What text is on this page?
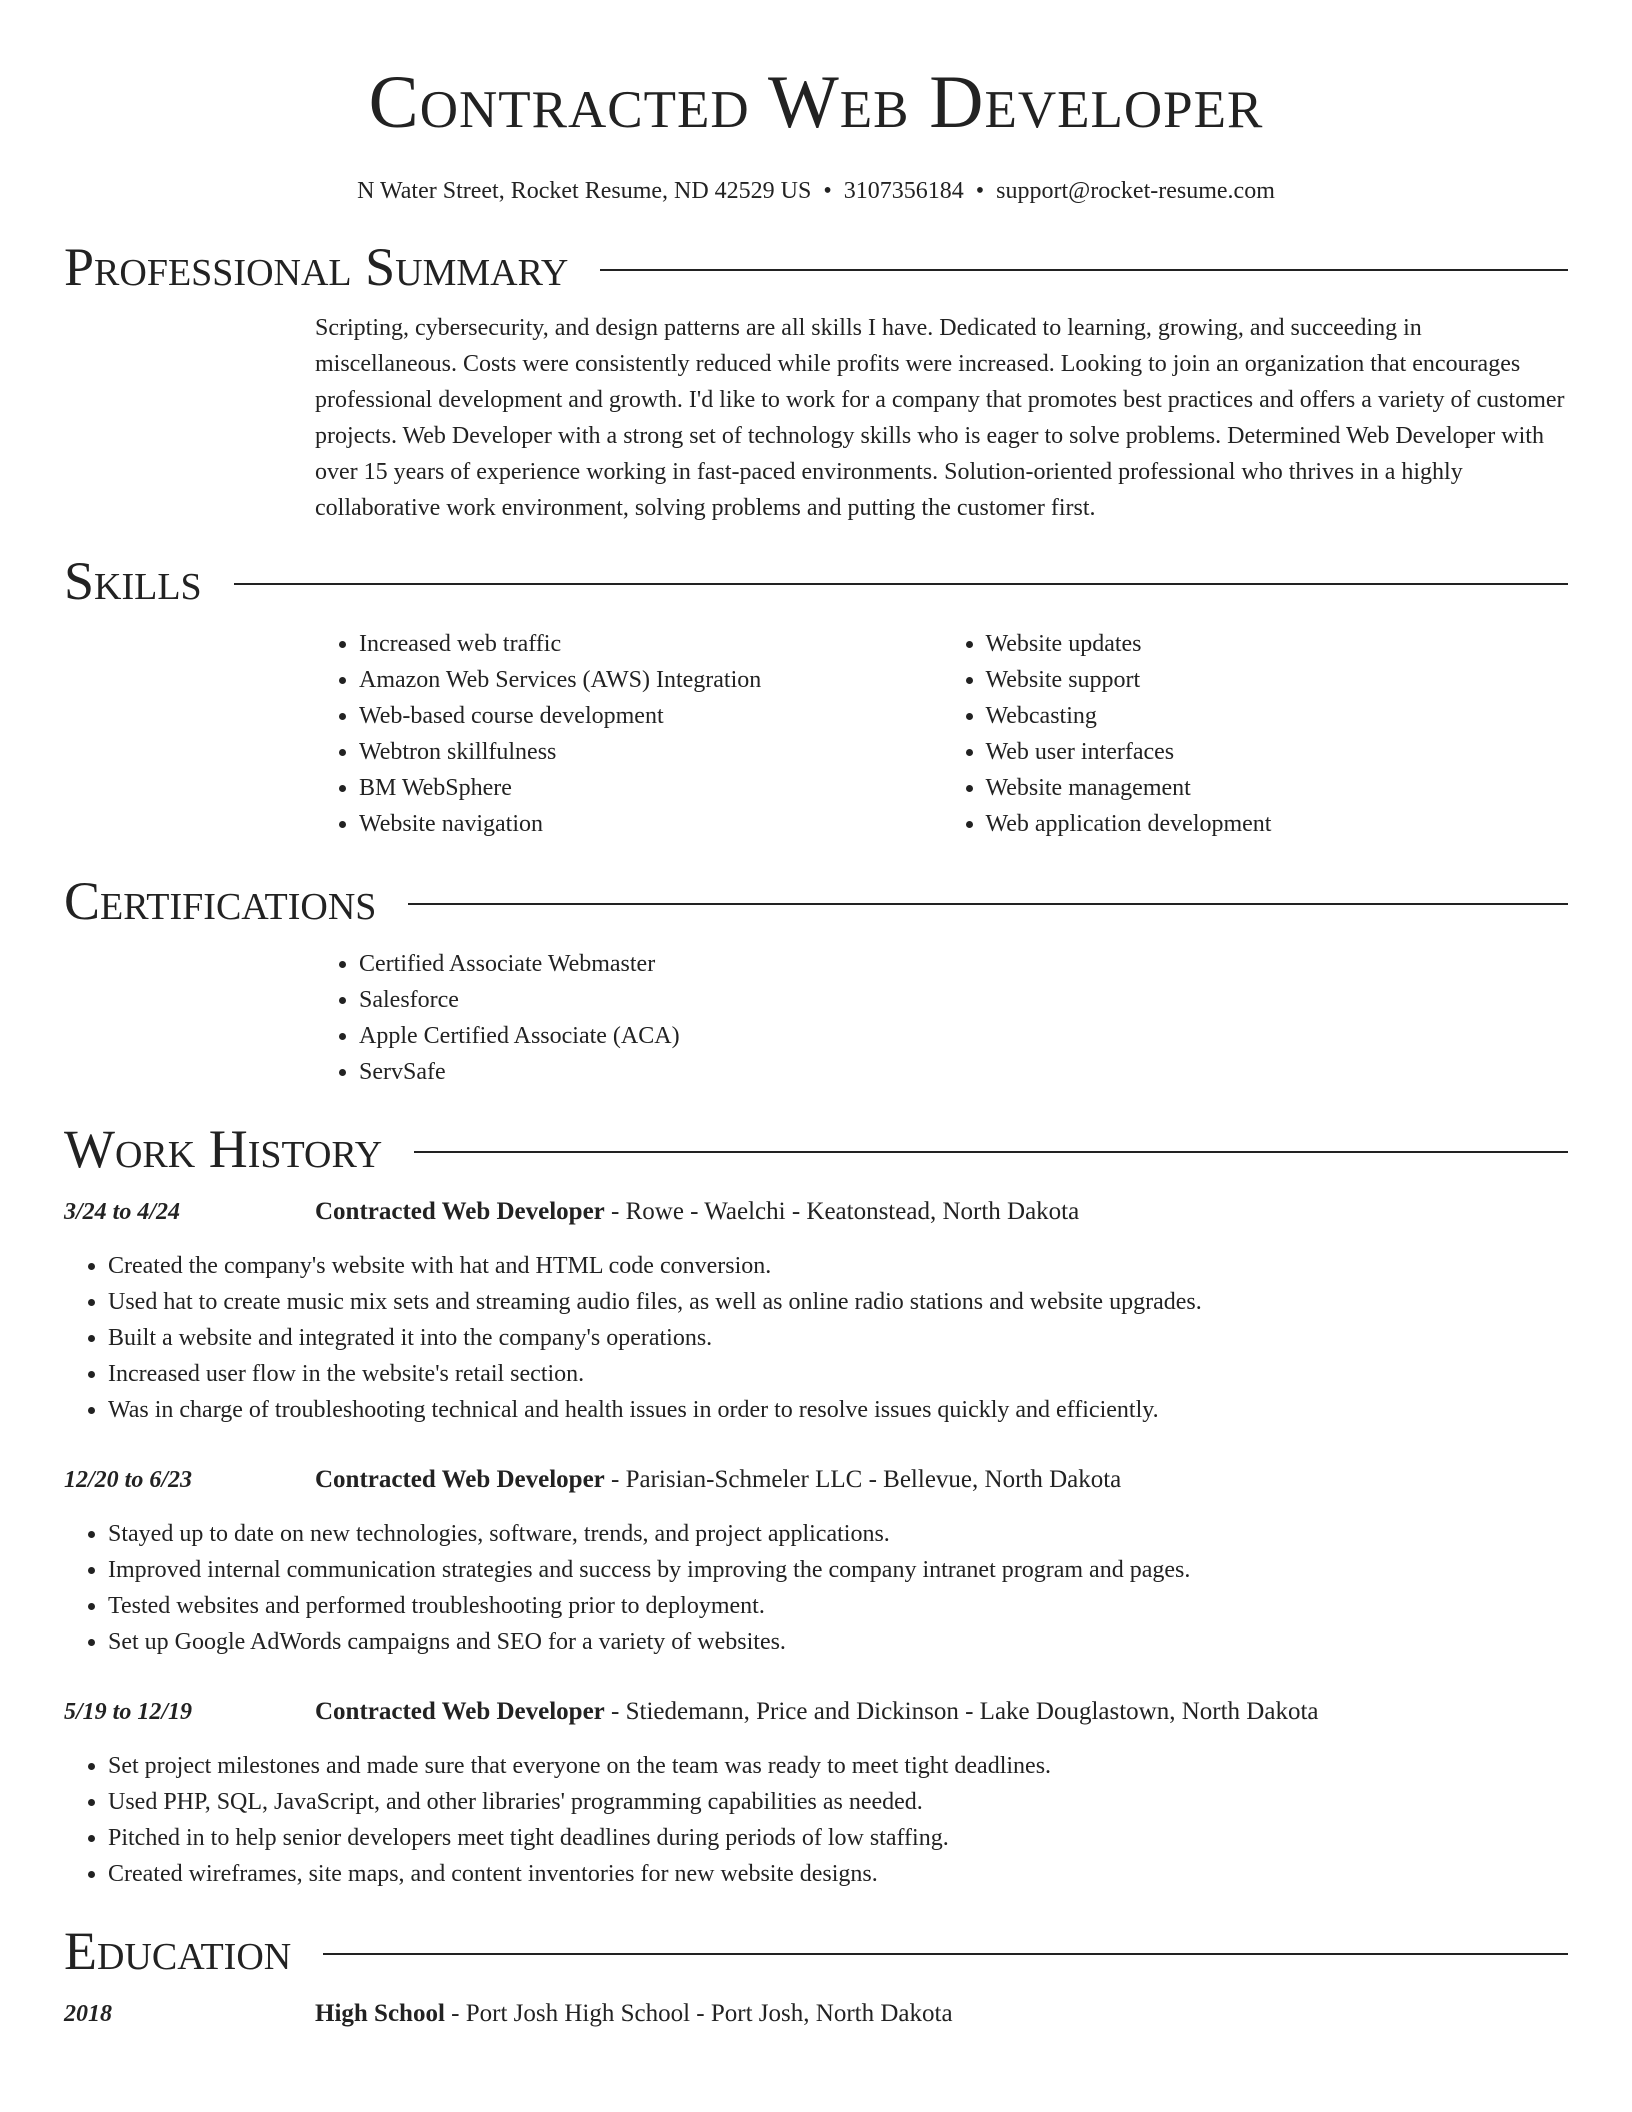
Contracted Web Developer
N Water Street, Rocket Resume, ND 42529 US • 3107356184 • support@rocket-resume.com
Professional Summary

Scripting, cybersecurity, and design patterns are all skills I have. Dedicated to learning, growing, and succeeding in miscellaneous. Costs were consistently reduced while profits were increased. Looking to join an organization that encourages professional development and growth. I'd like to work for a company that promotes best practices and offers a variety of customer projects. Web Developer with a strong set of technology skills who is eager to solve problems. Determined Web Developer with over 15 years of experience working in fast-paced environments. Solution-oriented professional who thrives in a highly collaborative work environment, solving problems and putting the customer first.

Skills
• Increased web traffic
• Amazon Web Services (AWS) Integration
• Web-based course development
• Webtron skillfulness
• BM WebSphere
• Website navigation
• Website updates
• Website support
• Webcasting
• Web user interfaces
• Website management
• Web application development
Certifications
• Certified Associate Webmaster
• Salesforce
• Apple Certified Associate (ACA)
• ServSafe
Work History
3/24 to 4/24	Contracted Web Developer - Rowe - Waelchi - Keatonstead, North Dakota
• Created the company's website with hat and HTML code conversion.
• Used hat to create music mix sets and streaming audio files, as well as online radio stations and website upgrades.
• Built a website and integrated it into the company's operations.
• Increased user flow in the website's retail section.
• Was in charge of troubleshooting technical and health issues in order to resolve issues quickly and efficiently.
12/20 to 6/23	Contracted Web Developer - Parisian-Schmeler LLC - Bellevue, North Dakota
• Stayed up to date on new technologies, software, trends, and project applications.
• Improved internal communication strategies and success by improving the company intranet program and pages.
• Tested websites and performed troubleshooting prior to deployment.
• Set up Google AdWords campaigns and SEO for a variety of websites.
5/19 to 12/19	Contracted Web Developer - Stiedemann, Price and Dickinson - Lake Douglastown, North Dakota
• Set project milestones and made sure that everyone on the team was ready to meet tight deadlines.
• Used PHP, SQL, JavaScript, and other libraries' programming capabilities as needed.
• Pitched in to help senior developers meet tight deadlines during periods of low staffing.
• Created wireframes, site maps, and content inventories for new website designs.
Education
2018	High School - Port Josh High School - Port Josh, North Dakota
